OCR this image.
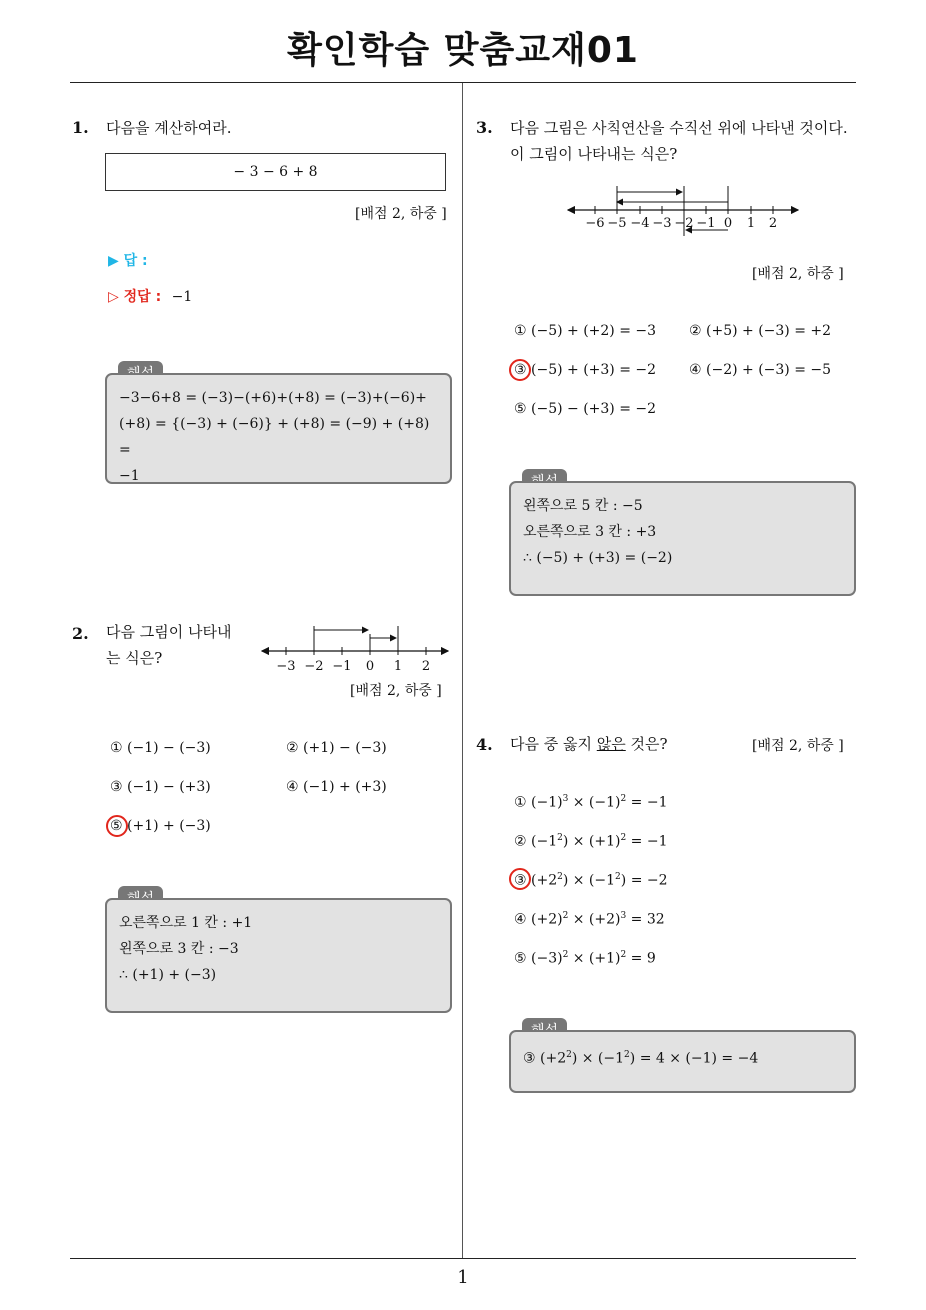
확인학습 맞춤교재01
1
1. 다음을 계산하여라.
− 3 − 6 + 8
[배점 2, 하중 ]
▶ 답 :
▷ 정답 : −1
−3−6+8 = (−3)−(+6)+(+8) = (−3)+(−6)+
(+8) = {(−3) + (−6)} + (+8) = (−9) + (+8) =
−1
2. 다음 그림이 나타내
는 식은?	−3 −2 −1 0 1 2
[배점 2, 하중 ]
① (−1) − (−3)	② (+1) − (−3)
③ (−1) − (+3)	④ (−1) + (+3)
⑤ (+1) + (−3)
오른쪽으로 1 칸 : +1
왼쪽으로 3 칸 : −3
∴ (+1) + (−3)
3. 다음 그림은 사칙연산을 수직선 위에 나타낸 것이다.
이 그림이 나타내는 식은?
−6 −5 −4 −3 −2 −1 0 1 2
[배점 2, 하중 ]
① (−5) + (+2) = −3 ② (+5) + (−3) = +2
③ (−5) + (+3) = −2 ④ (−2) + (−3) = −5
⑤ (−5) − (+3) = −2
왼쪽으로 5 칸 : −5
오른쪽으로 3 칸 : +3
∴ (−5) + (+3) = (−2)
4. 다음 중 옳지 않은 것은?	[배점 2, 하중 ]
① $(-1)^3 \times (-1)^2 = -1$
② $(-1^2) \times (+1)^2 = -1$
③ $(+2^2) \times (-1^2) = -2$
④ $(+2)^2 \times (+2)^3 = 32$
⑤ $(-3)^2 \times (+1)^2 = 9$
③ $(+2^2) \times (-1^2) = 4 \times (-1) = -4$
